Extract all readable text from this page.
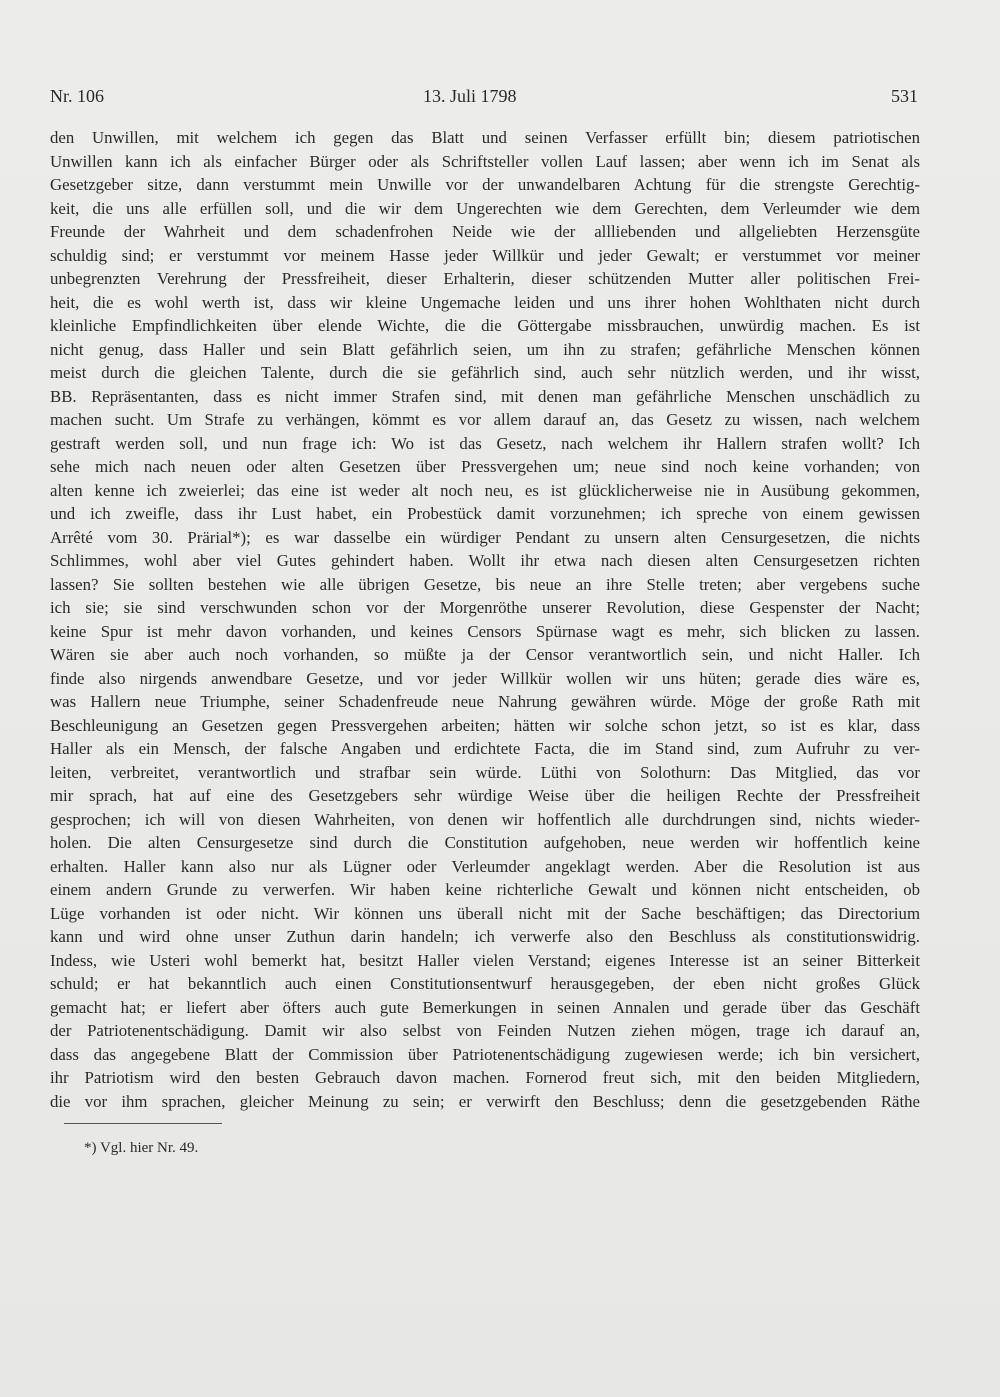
Nr. 106	13. Juli 1798	531
den Unwillen, mit welchem ich gegen das Blatt und seinen Verfasser erfüllt bin; diesem patriotischen
Unwillen kann ich als einfacher Bürger oder als Schriftsteller vollen Lauf lassen; aber wenn ich im Senat als
Gesetzgeber sitze, dann verstummt mein Unwille vor der unwandelbaren Achtung für die strengste Gerechtig-
keit, die uns alle erfüllen soll, und die wir dem Ungerechten wie dem Gerechten, dem Verleumder wie dem
Freunde der Wahrheit und dem schadenfrohen Neide wie der allliebenden und allgeliebten Herzensgüte
schuldig sind; er verstummt vor meinem Hasse jeder Willkür und jeder Gewalt; er verstummet vor meiner
unbegrenzten Verehrung der Pressfreiheit, dieser Erhalterin, dieser schützenden Mutter aller politischen Frei-
heit, die es wohl werth ist, dass wir kleine Ungemache leiden und uns ihrer hohen Wohlthaten nicht durch
kleinliche Empfindlichkeiten über elende Wichte, die die Göttergabe missbrauchen, unwürdig machen. Es ist
nicht genug, dass Haller und sein Blatt gefährlich seien, um ihn zu strafen; gefährliche Menschen können
meist durch die gleichen Talente, durch die sie gefährlich sind, auch sehr nützlich werden, und ihr wisst,
BB. Repräsentanten, dass es nicht immer Strafen sind, mit denen man gefährliche Menschen unschädlich zu
machen sucht. Um Strafe zu verhängen, kömmt es vor allem darauf an, das Gesetz zu wissen, nach welchem
gestraft werden soll, und nun frage ich: Wo ist das Gesetz, nach welchem ihr Hallern strafen wollt? Ich
sehe mich nach neuen oder alten Gesetzen über Pressvergehen um; neue sind noch keine vorhanden; von
alten kenne ich zweierlei; das eine ist weder alt noch neu, es ist glücklicherweise nie in Ausübung gekommen,
und ich zweifle, dass ihr Lust habet, ein Probestück damit vorzunehmen; ich spreche von einem gewissen
Arrêté vom 30. Prärial*); es war dasselbe ein würdiger Pendant zu unsern alten Censurgesetzen, die nichts
Schlimmes, wohl aber viel Gutes gehindert haben. Wollt ihr etwa nach diesen alten Censurgesetzen richten
lassen? Sie sollten bestehen wie alle übrigen Gesetze, bis neue an ihre Stelle treten; aber vergebens suche
ich sie; sie sind verschwunden schon vor der Morgenröthe unserer Revolution, diese Gespenster der Nacht;
keine Spur ist mehr davon vorhanden, und keines Censors Spürnase wagt es mehr, sich blicken zu lassen.
Wären sie aber auch noch vorhanden, so müßte ja der Censor verantwortlich sein, und nicht Haller. Ich
finde also nirgends anwendbare Gesetze, und vor jeder Willkür wollen wir uns hüten; gerade dies wäre es,
was Hallern neue Triumphe, seiner Schadenfreude neue Nahrung gewähren würde. Möge der große Rath mit
Beschleunigung an Gesetzen gegen Pressvergehen arbeiten; hätten wir solche schon jetzt, so ist es klar, dass
Haller als ein Mensch, der falsche Angaben und erdichtete Facta, die im Stand sind, zum Aufruhr zu ver-
leiten, verbreitet, verantwortlich und strafbar sein würde. Lüthi von Solothurn: Das Mitglied, das vor
mir sprach, hat auf eine des Gesetzgebers sehr würdige Weise über die heiligen Rechte der Pressfreiheit
gesprochen; ich will von diesen Wahrheiten, von denen wir hoffentlich alle durchdrungen sind, nichts wieder-
holen. Die alten Censurgesetze sind durch die Constitution aufgehoben, neue werden wir hoffentlich keine
erhalten. Haller kann also nur als Lügner oder Verleumder angeklagt werden. Aber die Resolution ist aus
einem andern Grunde zu verwerfen. Wir haben keine richterliche Gewalt und können nicht entscheiden, ob
Lüge vorhanden ist oder nicht. Wir können uns überall nicht mit der Sache beschäftigen; das Directorium
kann und wird ohne unser Zuthun darin handeln; ich verwerfe also den Beschluss als constitutionswidrig.
Indess, wie Usteri wohl bemerkt hat, besitzt Haller vielen Verstand; eigenes Interesse ist an seiner Bitterkeit
schuld; er hat bekanntlich auch einen Constitutionsentwurf herausgegeben, der eben nicht großes Glück
gemacht hat; er liefert aber öfters auch gute Bemerkungen in seinen Annalen und gerade über das Geschäft
der Patriotenentschädigung. Damit wir also selbst von Feinden Nutzen ziehen mögen, trage ich darauf an,
dass das angegebene Blatt der Commission über Patriotenentschädigung zugewiesen werde; ich bin versichert,
ihr Patriotism wird den besten Gebrauch davon machen. Fornerod freut sich, mit den beiden Mitgliedern,
die vor ihm sprachen, gleicher Meinung zu sein; er verwirft den Beschluss; denn die gesetzgebenden Räthe
*) Vgl. hier Nr. 49.
